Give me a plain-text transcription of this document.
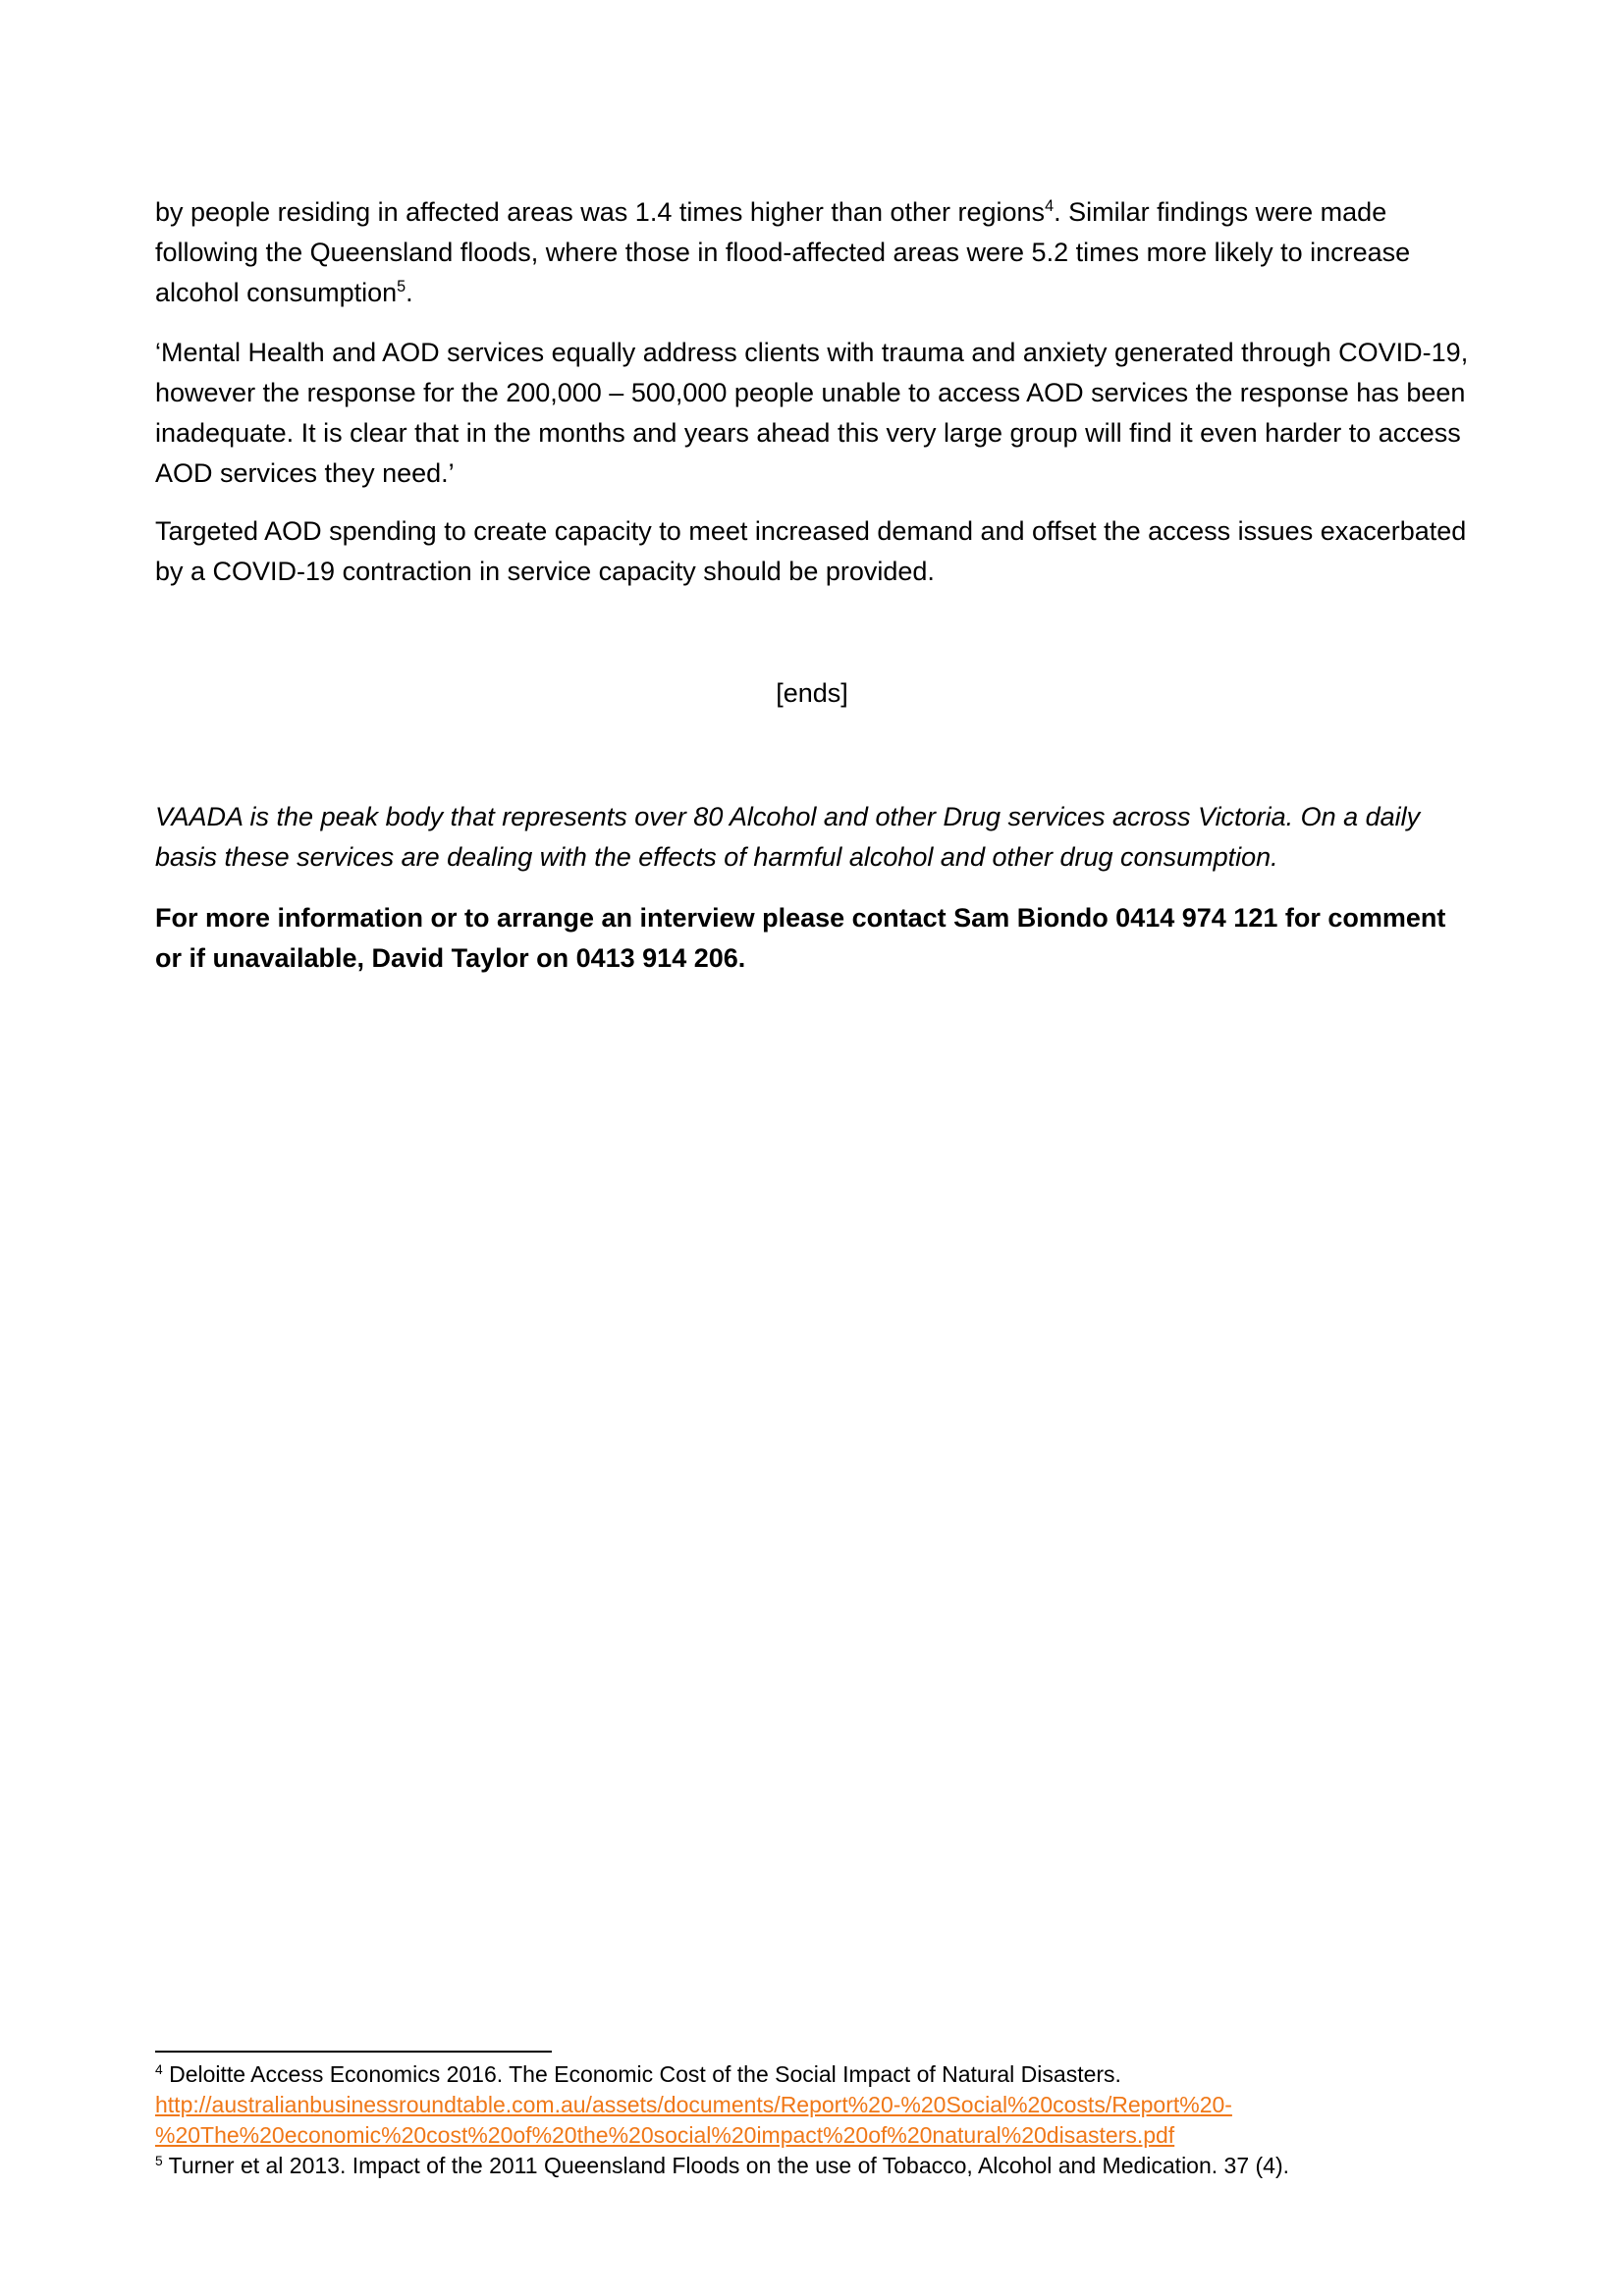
by people residing in affected areas was 1.4 times higher than other regions$^4$. Similar findings were made following the Queensland floods, where those in flood-affected areas were 5.2 times more likely to increase alcohol consumption$^5$.

‘Mental Health and AOD services equally address clients with trauma and anxiety generated through COVID-19, however the response for the 200,000 – 500,000 people unable to access AOD services the response has been inadequate. It is clear that in the months and years ahead this very large group will find it even harder to access AOD services they need.’

Targeted AOD spending to create capacity to meet increased demand and offset the access issues exacerbated by a COVID-19 contraction in service capacity should be provided.

[ends]

VAADA is the peak body that represents over 80 Alcohol and other Drug services across Victoria. On a daily basis these services are dealing with the effects of harmful alcohol and other drug consumption.

For more information or to arrange an interview please contact Sam Biondo 0414 974 121 for comment or if unavailable, David Taylor on 0413 914 206.

$^4$ Deloitte Access Economics 2016. The Economic Cost of the Social Impact of Natural Disasters.
http://australianbusinessroundtable.com.au/assets/documents/Report%20-%20Social%20costs/Report%20-
%20The%20economic%20cost%20of%20the%20social%20impact%20of%20natural%20disasters.pdf
$^5$ Turner et al 2013. Impact of the 2011 Queensland Floods on the use of Tobacco, Alcohol and Medication. 37 (4).
